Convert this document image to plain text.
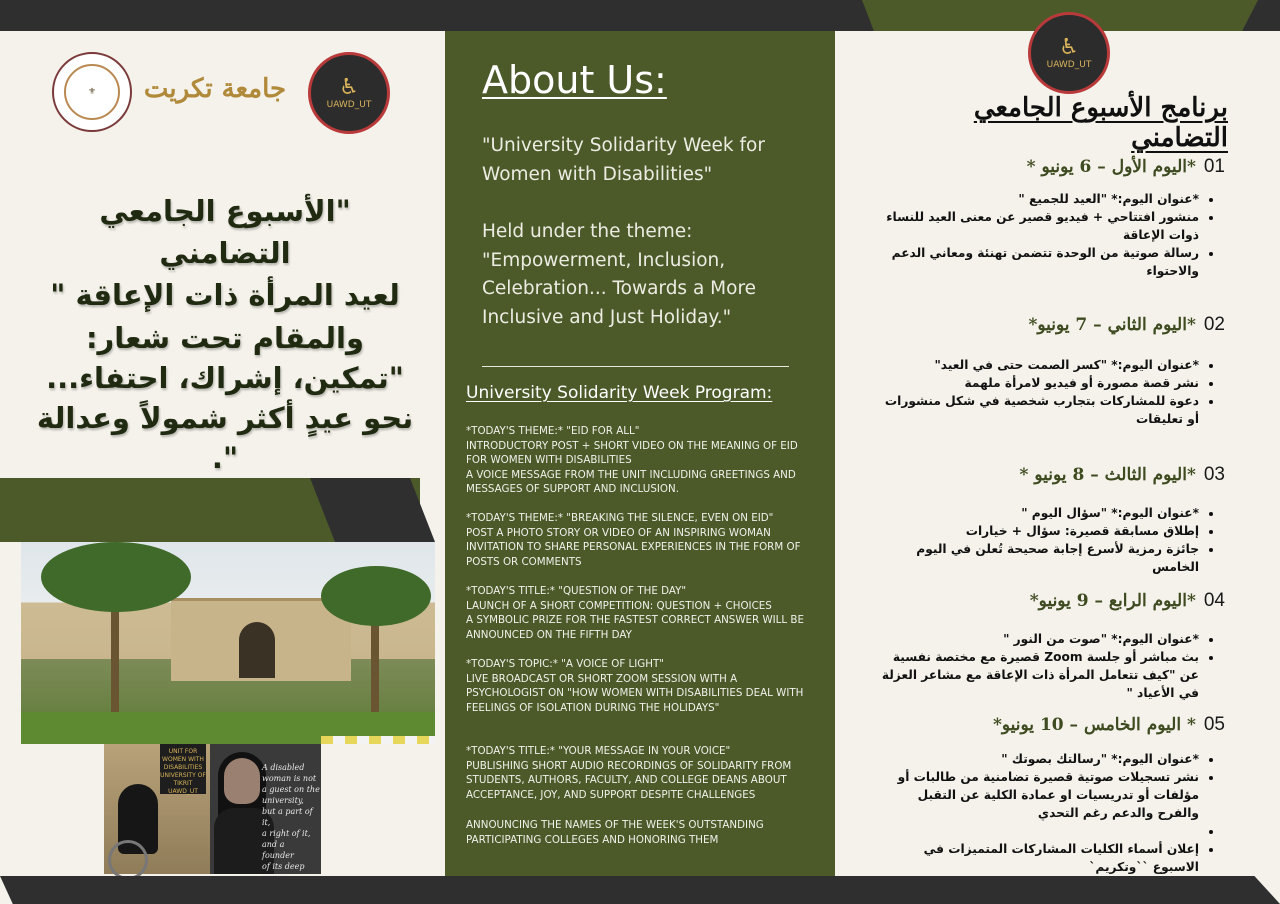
⚜	جامعة تكريت ♿
UAWD_UT
"الأسبوع الجامعي التضامني
لعيد المرأة ذات الإعاقة "
والمقام تحت شعار:
"تمكين، إشراك، احتفاء...
نحو عيدٍ أكثر شمولاً وعدالة ".
UNIT FOR WOMEN WITH DISABILITIES UNIVERSITY OF TIKRIT UAWD_UT
A disabled
woman is not
a guest on the
university,
but a part of it,
a right of it,
and a
founder
of its deep
About Us:
"University Solidarity Week for Women with Disabilities"
Held under the theme: "Empowerment, Inclusion, Celebration... Towards a More Inclusive and Just Holiday."
University Solidarity Week Program:
*TODAY'S THEME:* "EID FOR ALL"
INTRODUCTORY POST + SHORT VIDEO ON THE MEANING OF EID FOR WOMEN WITH DISABILITIES
A VOICE MESSAGE FROM THE UNIT INCLUDING GREETINGS AND MESSAGES OF SUPPORT AND INCLUSION.
*TODAY'S THEME:* "BREAKING THE SILENCE, EVEN ON EID"
POST A PHOTO STORY OR VIDEO OF AN INSPIRING WOMAN
INVITATION TO SHARE PERSONAL EXPERIENCES IN THE FORM OF POSTS OR COMMENTS
*TODAY'S TITLE:* "QUESTION OF THE DAY"
LAUNCH OF A SHORT COMPETITION: QUESTION + CHOICES
A SYMBOLIC PRIZE FOR THE FASTEST CORRECT ANSWER WILL BE ANNOUNCED ON THE FIFTH DAY
*TODAY'S TOPIC:* "A VOICE OF LIGHT"
LIVE BROADCAST OR SHORT ZOOM SESSION WITH A PSYCHOLOGIST ON "HOW WOMEN WITH DISABILITIES DEAL WITH FEELINGS OF ISOLATION DURING THE HOLIDAYS"
*TODAY'S TITLE:* "YOUR MESSAGE IN YOUR VOICE"
PUBLISHING SHORT AUDIO RECORDINGS OF SOLIDARITY FROM STUDENTS, AUTHORS, FACULTY, AND COLLEGE DEANS ABOUT ACCEPTANCE, JOY, AND SUPPORT DESPITE CHALLENGES
ANNOUNCING THE NAMES OF THE WEEK'S OUTSTANDING PARTICIPATING COLLEGES AND HONORING THEM
♿
UAWD_UT
برنامج الأسبوع الجامعي التضامني
01*اليوم الأول – 6 يونيو *
• *عنوان اليوم:* "العيد للجميع "
• منشور افتتاحي + فيديو قصير عن معنى العيد للنساء ذوات الإعاقة
• رسالة صوتية من الوحدة تتضمن تهنئة ومعاني الدعم والاحتواء
02*اليوم الثاني – 7 يونيو*
• *عنوان اليوم:* "كسر الصمت حتى في العيد"
• نشر قصة مصورة أو فيديو لامرأة ملهمة
• دعوة للمشاركات بتجارب شخصية في شكل منشورات أو تعليقات
03*اليوم الثالث – 8 يونيو *
• *عنوان اليوم:* "سؤال اليوم "
• إطلاق مسابقة قصيرة: سؤال + خيارات
• جائزة رمزية لأسرع إجابة صحيحة تُعلن في اليوم الخامس
04*اليوم الرابع – 9 يونيو*
• *عنوان اليوم:* "صوت من النور "
• بث مباشر أو جلسة Zoom قصيرة مع مختصة نفسية عن "كيف تتعامل المرأة ذات الإعاقة مع مشاعر العزلة في الأعياد "
05* اليوم الخامس – 10 يونيو*
• *عنوان اليوم:* "رسالتك بصوتك "
• نشر تسجيلات صوتية قصيرة تضامنية من طالبات أو مؤلفات أو تدريسيات او عمادة الكلية عن التقبل والفرح والدعم رغم التحدي
•
• إعلان أسماء الكليات المشاركات المتميزات في الاسبوع ``وتكريم`
